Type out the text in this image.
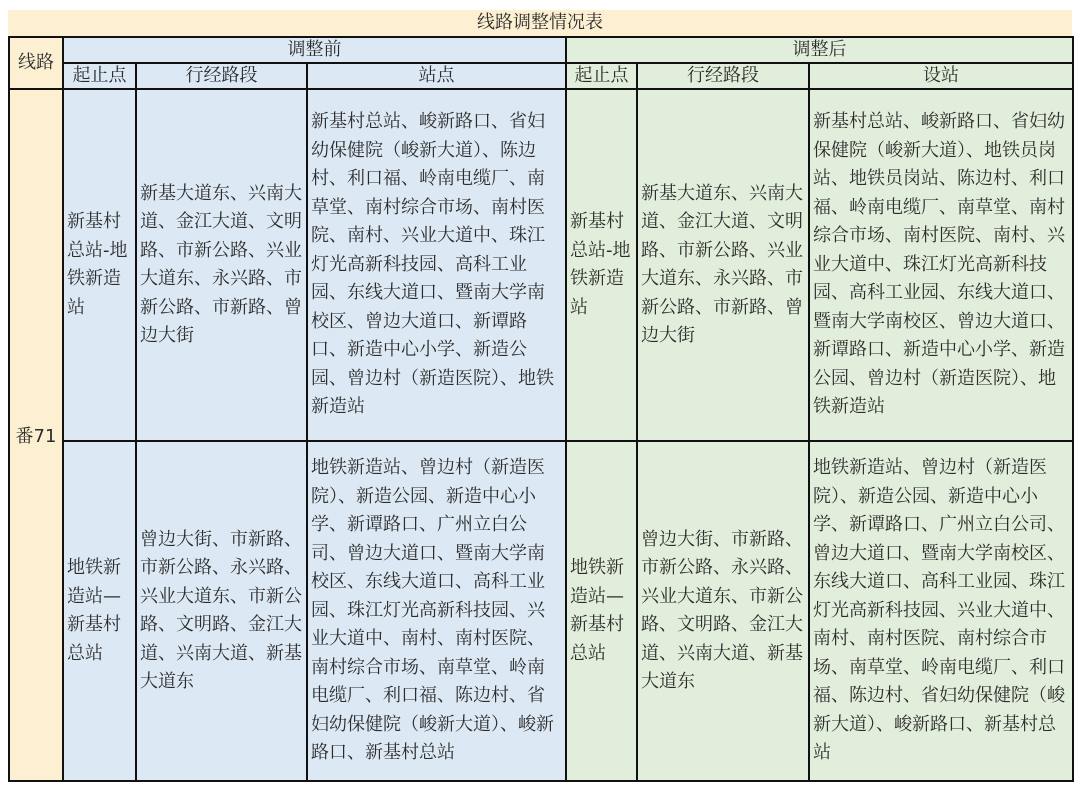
线路调整情况表
线路	调整前			调整后		
	起止点	行经路段	站点	起止点	行经路段	设站
番71	新基村总站-地铁新造站	新基大道东、兴南大道、金江大道、文明路、市新公路、兴业大道东、永兴路、市新公路、市新路、曾边大街	新基村总站、峻新路口、省妇幼保健院（峻新大道）、陈边村、利口福、岭南电缆厂、南草堂、南村综合市场、南村医院、南村、兴业大道中、珠江灯光高新科技园、高科工业园、东线大道口、暨南大学南校区、曾边大道口、新谭路口、新造中心小学、新造公园、曾边村（新造医院）、地铁新造站	新基村总站-地铁新造站	新基大道东、兴南大道、金江大道、文明路、市新公路、兴业大道东、永兴路、市新公路、市新路、曾边大街	新基村总站、峻新路口、省妇幼保健院（峻新大道）、地铁员岗站、地铁员岗站、陈边村、利口福、岭南电缆厂、南草堂、南村综合市场、南村医院、南村、兴业大道中、珠江灯光高新科技园、高科工业园、东线大道口、暨南大学南校区、曾边大道口、新谭路口、新造中心小学、新造公园、曾边村（新造医院）、地铁新造站
	地铁新造站—新基村总站	曾边大街、市新路、市新公路、永兴路、兴业大道东、市新公路、文明路、金江大道、兴南大道、新基大道东	地铁新造站、曾边村（新造医院）、新造公园、新造中心小学、新谭路口、广州立白公司、曾边大道口、暨南大学南校区、东线大道口、高科工业园、珠江灯光高新科技园、兴业大道中、南村、南村医院、南村综合市场、南草堂、岭南电缆厂、利口福、陈边村、省妇幼保健院（峻新大道）、峻新路口、新基村总站	地铁新造站—新基村总站	曾边大街、市新路、市新公路、永兴路、兴业大道东、市新公路、文明路、金江大道、兴南大道、新基大道东	地铁新造站、曾边村（新造医院）、新造公园、新造中心小学、新谭路口、广州立白公司、曾边大道口、暨南大学南校区、东线大道口、高科工业园、珠江灯光高新科技园、兴业大道中、南村、南村医院、南村综合市场、南草堂、岭南电缆厂、利口福、陈边村、省妇幼保健院（峻新大道）、峻新路口、新基村总站
汽车之家
